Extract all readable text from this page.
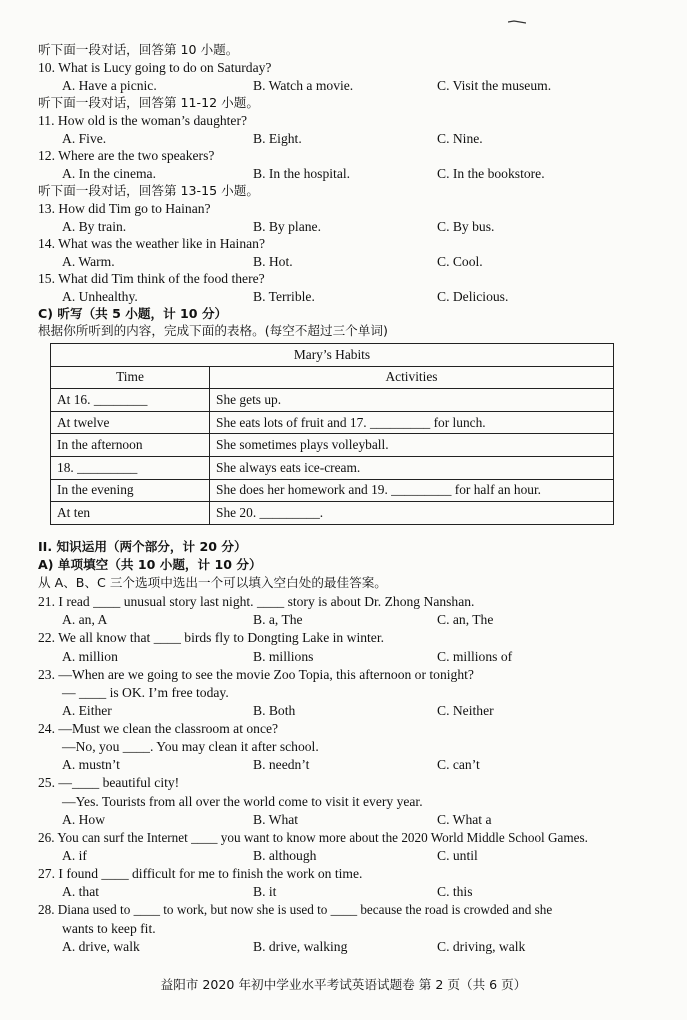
听下面一段对话，回答第 10 小题。
10. What is Lucy going to do on Saturday?
A. Have a picnic.	B. Watch a movie.	C. Visit the museum.
听下面一段对话，回答第 11-12 小题。
11. How old is the woman’s daughter?
A. Five.	B. Eight.	C. Nine.
12. Where are the two speakers?
A. In the cinema.	B. In the hospital.	C. In the bookstore.
听下面一段对话，回答第 13-15 小题。
13. How did Tim go to Hainan?
A. By train.	B. By plane.	C. By bus.
14. What was the weather like in Hainan?
A. Warm.	B. Hot.	C. Cool.
15. What did Tim think of the food there?
A. Unhealthy.	B. Terrible.	C. Delicious.
C) 听写（共 5 小题，计 10 分）
根据你所听到的内容，完成下面的表格。(每空不超过三个单词)
Mary’s Habits	
Time	Activities
At 16. ________	She gets up.
At twelve	She eats lots of fruit and 17. _________ for lunch.
In the afternoon	She sometimes plays volleyball.
18. _________	She always eats ice-cream.
In the evening	She does her homework and 19. _________ for half an hour.
At ten	She 20. _________.
II. 知识运用（两个部分，计 20 分）
A) 单项填空（共 10 小题，计 10 分）
从 A、B、C 三个选项中选出一个可以填入空白处的最佳答案。
21. I read ____ unusual story last night. ____ story is about Dr. Zhong Nanshan.
A. an, A	B. a, The	C. an, The
22. We all know that ____ birds fly to Dongting Lake in winter.
A. million	B. millions	C. millions of
23. —When are we going to see the movie Zoo Topia, this afternoon or tonight?
— ____ is OK. I’m free today.
A. Either	B. Both	C. Neither
24. —Must we clean the classroom at once?
—No, you ____. You may clean it after school.
A. mustn’t	B. needn’t	C. can’t
25. —____ beautiful city!
—Yes. Tourists from all over the world come to visit it every year.
A. How	B. What	C. What a
26. You can surf the Internet ____ you want to know more about the 2020 World Middle School Games.
A. if	B. although	C. until
27. I found ____ difficult for me to finish the work on time.
A. that	B. it	C. this
28. Diana used to ____ to work, but now she is used to ____ because the road is crowded and she
wants to keep fit.
A. drive, walk	B. drive, walking	C. driving, walk
益阳市 2020 年初中学业水平考试英语试题卷 第 2 页（共 6 页）
